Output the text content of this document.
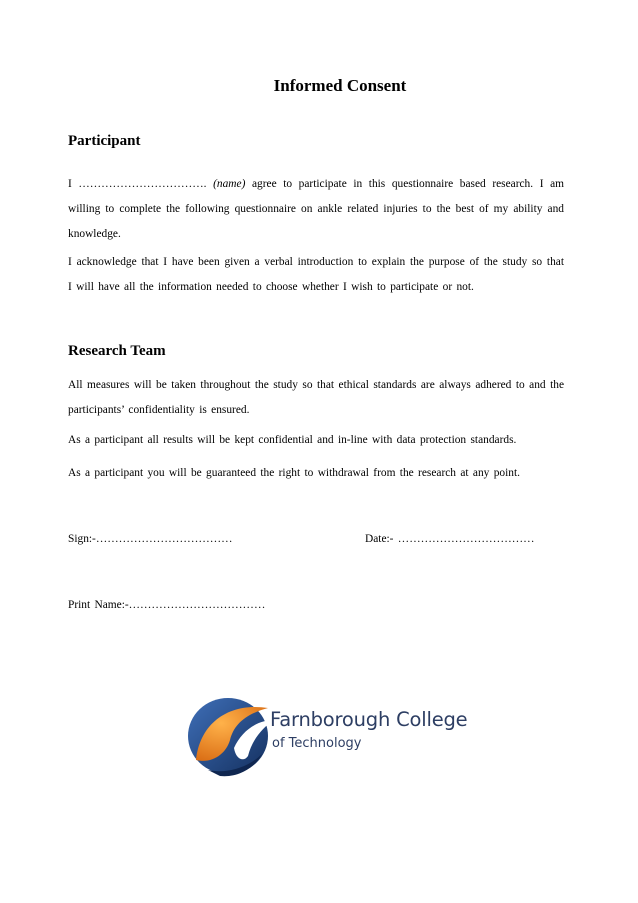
Informed Consent
Participant
I ……………………………. (name) agree to participate in this questionnaire based research. I am willing to complete the following questionnaire on ankle related injuries to the best of my ability and knowledge.
I acknowledge that I have been given a verbal introduction to explain the purpose of the study so that I will have all the information needed to choose whether I wish to participate or not.
Research Team
All measures will be taken throughout the study so that ethical standards are always adhered to and the participants’ confidentiality is ensured.
As a participant all results will be kept confidential and in-line with data protection standards.
As a participant you will be guaranteed the right to withdrawal from the research at any point.
Sign:-………………………………	Date:- ………………………………
Print Name:-………………………………
Farnborough College
of Technology
